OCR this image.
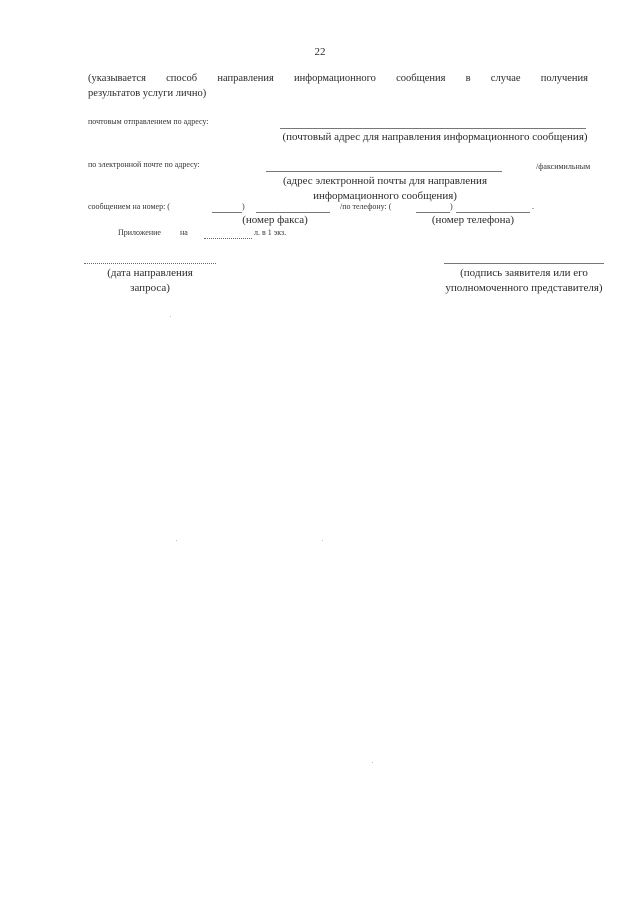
22
(указывается способ направления информационного сообщения в случае получения
результатов услуги лично)
почтовым отправлением по адресу:
(почтовый адрес для направления информационного сообщения)
по электронной почте по адресу:	/факсимильным
(адрес электронной почты для направления информационного сообщения)
сообщением на номер: (	)	/по телефону: (	)	.
(номер факса)	(номер телефона)
Приложение на	л. в 1 экз.
(дата направления запроса)
(подпись заявителя или его уполномоченного представителя)
